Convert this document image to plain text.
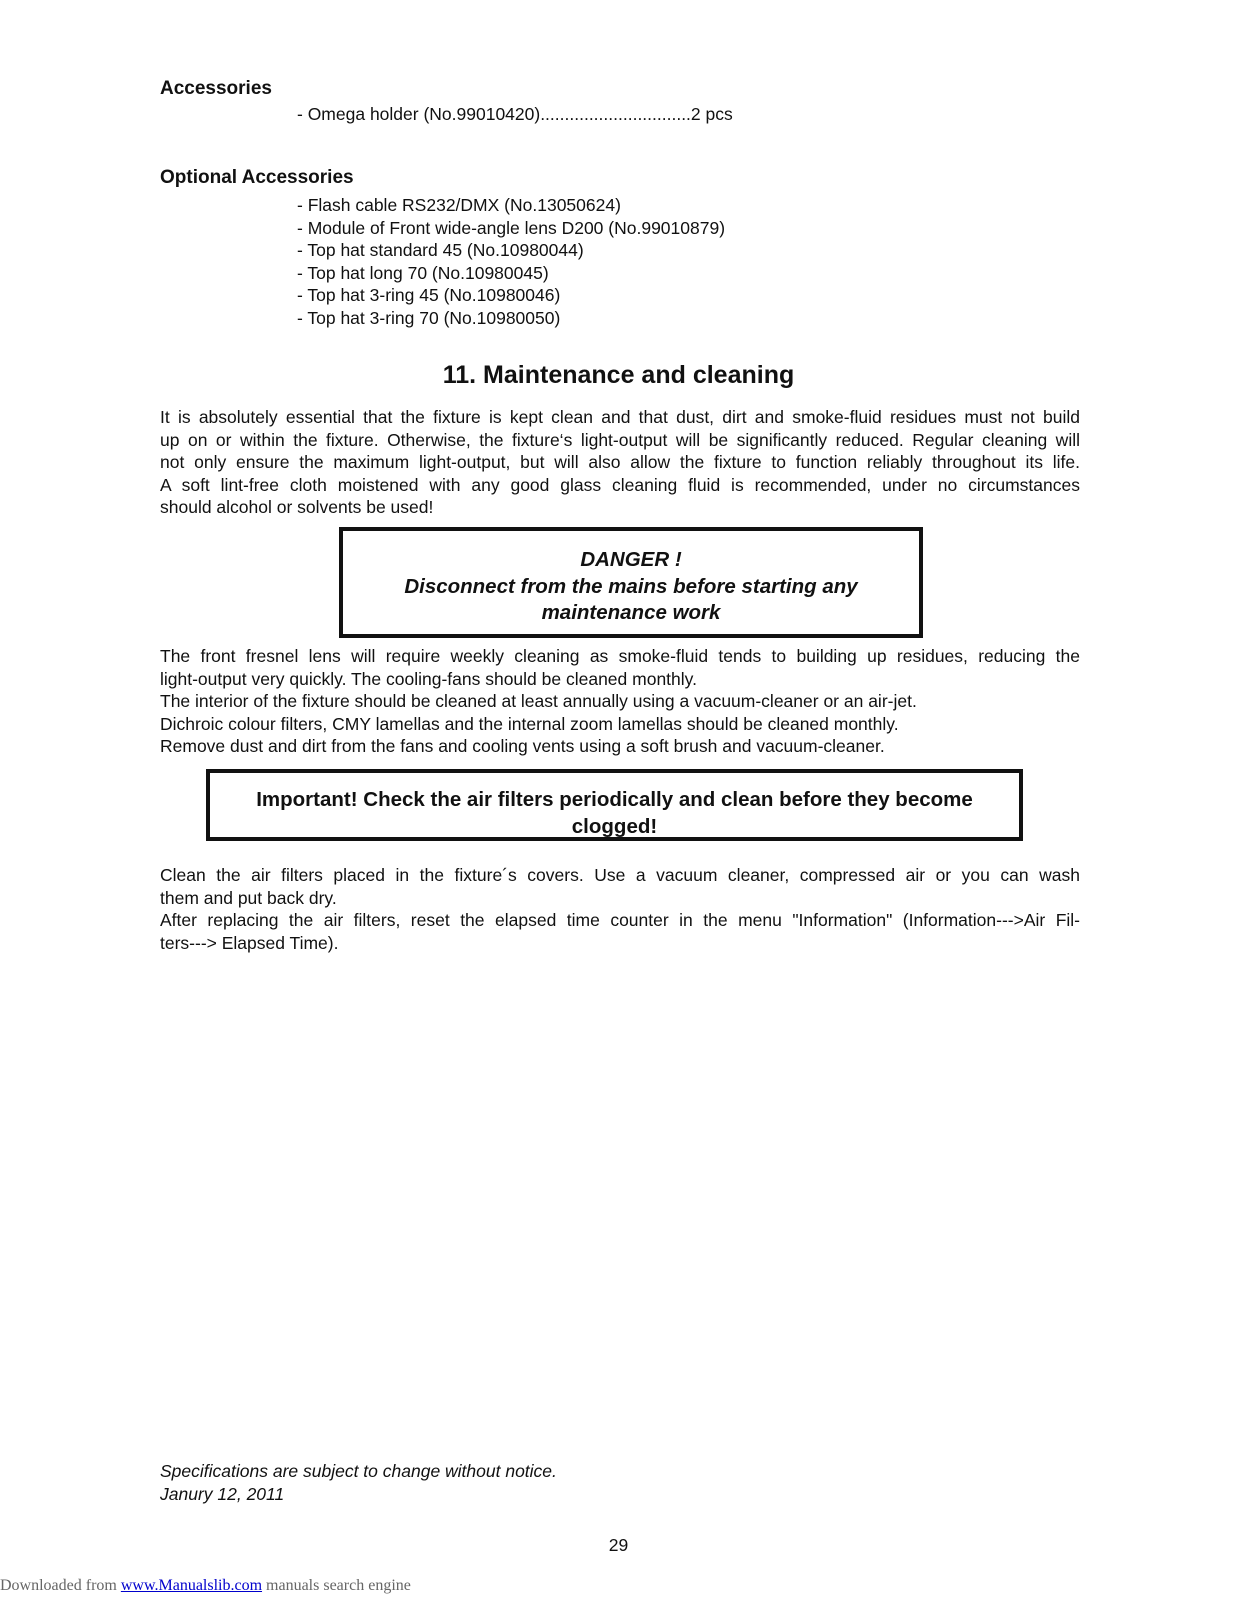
Accessories
- Omega holder (No.99010420)...............................2 pcs
Optional Accessories
- Flash cable RS232/DMX (No.13050624)
- Module of Front wide-angle lens D200 (No.99010879)
- Top hat standard 45 (No.10980044)
- Top hat long 70 (No.10980045)
- Top hat 3-ring 45 (No.10980046)
- Top hat 3-ring 70 (No.10980050)
11. Maintenance and cleaning
It is absolutely essential that the fixture is kept clean and that dust, dirt and smoke-fluid residues must not build
up on or within the fixture. Otherwise, the fixture‘s light-output will be significantly reduced. Regular cleaning will
not only ensure the maximum light-output, but will also allow the fixture to function reliably throughout its life.
A soft lint-free cloth moistened with any good glass cleaning fluid is recommended, under no circumstances
should alcohol or solvents be used!
DANGER !
Disconnect from the mains before starting any
maintenance work
The front fresnel lens will require weekly cleaning as smoke-fluid tends to building up residues, reducing the
light-output very quickly. The cooling-fans should be cleaned monthly.
The interior of the fixture should be cleaned at least annually using a vacuum-cleaner or an air-jet.
Dichroic colour filters, CMY lamellas and the internal zoom lamellas should be cleaned monthly.
Remove dust and dirt from the fans and cooling vents using a soft brush and vacuum-cleaner.
Important! Check the air filters periodically and clean before they become
clogged!
Clean the air filters placed in the fixture´s covers. Use a vacuum cleaner, compressed air or you can wash
them and put back dry.
After replacing the air filters, reset the elapsed time counter in the menu "Information" (Information--->Air Fil-
ters---> Elapsed Time).
Specifications are subject to change without notice.
Janury 12, 2011
29
Downloaded from www.Manualslib.com manuals search engine
